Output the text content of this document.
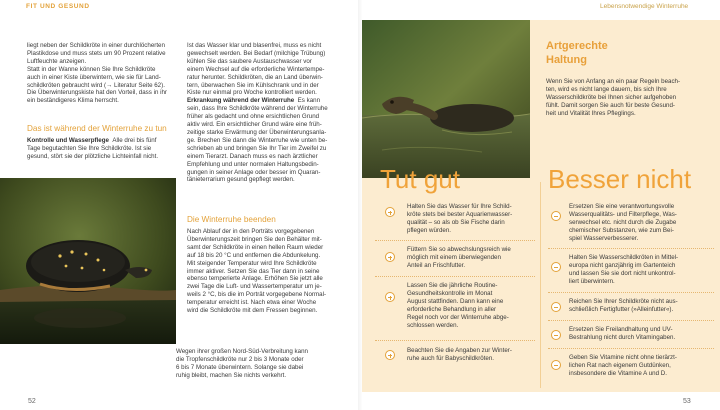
FIT UND GESUND

liegt neben der Schildkröte in einer durchlöcherten

Plastikdose und muss stets um 90 Prozent relative

Luftfeuchte anzeigen.

Statt in der Wanne können Sie Ihre Schildkröte

auch in einer Kiste überwintern, wie sie für Land-

schildkröten gebraucht wird (→ Literatur Seite 62).

Die Überwinterungskiste hat den Vorteil, dass in ihr

ein beständigeres Klima herrscht.

Das ist während der Winterruhe zu tun

Kontrolle und Wasserpflege Alle drei bis fünf

Tage begutachten Sie Ihre Schildkröte. Ist sie

gesund, stört sie der plötzliche Lichteinfall nicht.

Wegen ihrer großen Nord-Süd-Verbreitung kann

die Tropfenschildkröte nur 2 bis 3 Monate oder

6 bis 7 Monate überwintern. Solange sie dabei

ruhig bleibt, machen Sie nichts verkehrt.

Ist das Wasser klar und blasenfrei, muss es nicht

gewechselt werden. Bei Bedarf (milchige Trübung)

kühlen Sie das saubere Austauschwasser vor

einem Wechsel auf die erforderliche Wintertempe-

ratur herunter. Schildkröten, die an Land überwin-

tern, überwachen Sie im Kühlschrank und in der

Kiste nur einmal pro Woche kontrolliert werden.

Erkrankung während der Winterruhe Es kann

sein, dass Ihre Schildkröte während der Winterruhe

früher als gedacht und ohne ersichtlichen Grund

aktiv wird. Ein ersichtlicher Grund wäre eine früh-

zeitige starke Erwärmung der Überwinterungsanla-

ge. Brechen Sie dann die Winterruhe wie unten be-

schrieben ab und bringen Sie Ihr Tier im Zweifel zu

einem Tierarzt. Danach muss es nach ärztlicher

Empfehlung und unter normalen Haltungsbedin-

gungen in seiner Anlage oder besser im Quaran-

tänieterrarium gesund gepflegt werden.

Die Winterruhe beenden

Nach Ablauf der in den Porträts vorgegebenen

Überwinterungszeit bringen Sie den Behälter mit-

samt der Schildkröte in einen hellen Raum wieder

auf 18 bis 20 °C und entfernen die Abdunkelung.

Mit steigender Temperatur wird Ihre Schildkröte

immer aktiver. Setzen Sie das Tier dann in seine

ebenso temperierte Anlage. Erhöhen Sie jetzt alle

zwei Tage die Luft- und Wassertemperatur um je-

weils 2 °C, bis die im Porträt vorgegebene Normal-

temperatur erreicht ist. Nach etwa einer Woche

wird die Schildkröte mit dem Fressen beginnen.

52
Lebensnotwendige Winterruhe
Artgerechte
Haltung
Wenn Sie von Anfang an ein paar Regeln beach-
ten, wird es nicht lange dauern, bis sich Ihre
Wasserschildkröte bei Ihnen sicher aufgehoben
fühlt. Damit sorgen Sie auch für beste Gesund-
heit und Vitalität Ihres Pfleglings.
Tut gut	Besser nicht
Halten Sie das Wasser für Ihre Schild-
kröte stets bei bester Aquarienwasser-
qualität – so als ob Sie Fische darin
pflegen würden.
Füttern Sie so abwechslungsreich wie
möglich mit einem überwiegenden
Anteil an Frischfutter.
Lassen Sie die jährliche Routine-
Gesundheitskontrolle im Monat
August stattfinden. Dann kann eine
erforderliche Behandlung in aller
Regel noch vor der Winterruhe abge-
schlossen werden.
Beachten Sie die Angaben zur Winter-
ruhe auch für Babyschildkröten.
Ersetzen Sie eine verantwortungsvolle
Wasserqualitäts- und Filterpflege, Was-
serwechsel etc. nicht durch die Zugabe
chemischer Substanzen, wie zum Bei-
spiel Wasserverbesserer.
Halten Sie Wasserschildkröten in Mittel-
europa nicht ganzjährig im Gartenteich
und lassen Sie sie dort nicht unkontrol-
liert überwintern.
Reichen Sie Ihrer Schildkröte nicht aus-
schließlich Fertigfutter (»Alleinfutter«).
Ersetzen Sie Freilandhaltung und UV-
Bestrahlung nicht durch Vitamingaben.
Geben Sie Vitamine nicht ohne tierärzt-
lichen Rat nach eigenem Gutdünken,
insbesondere die Vitamine A und D.
53
